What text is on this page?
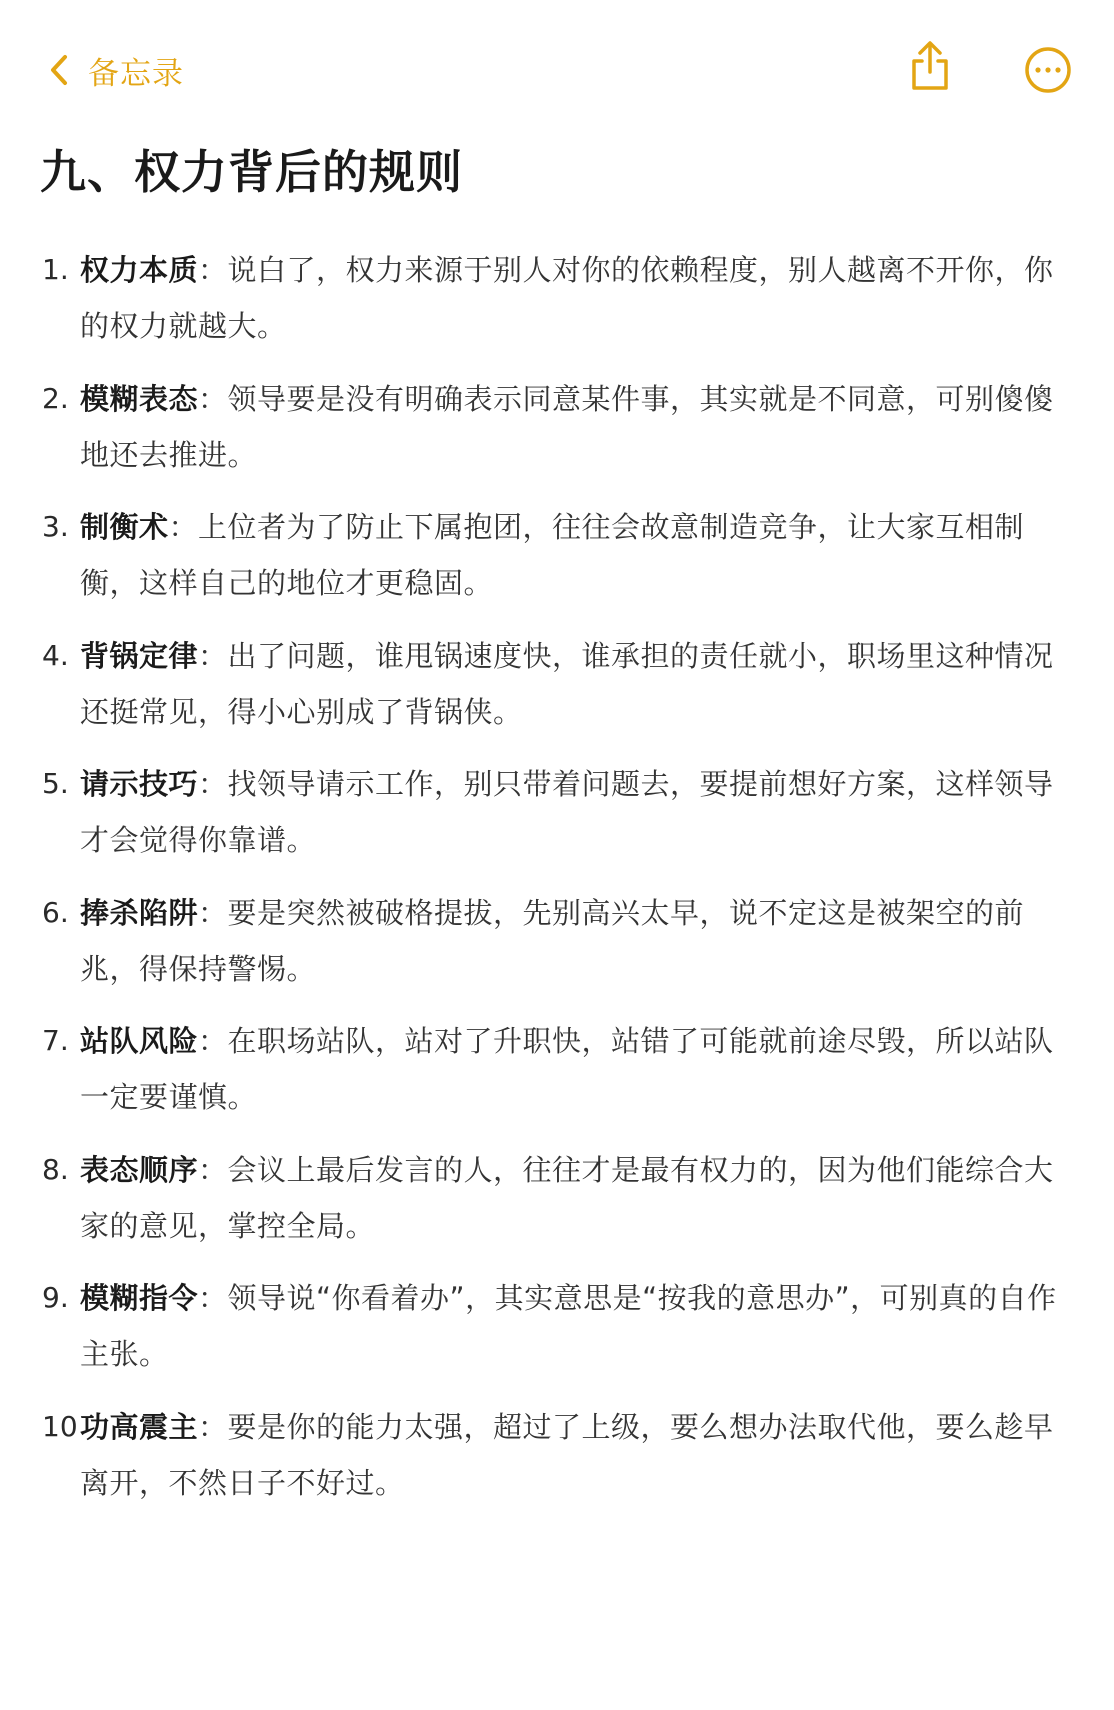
备忘录
九、权力背后的规则
1. 权力本质：说白了，权力来源于别人对你的依赖程度，别人越离不开你，你的权力就越大。
2. 模糊表态：领导要是没有明确表示同意某件事，其实就是不同意，可别傻傻地还去推进。
3. 制衡术：上位者为了防止下属抱团，往往会故意制造竞争，让大家互相制衡，这样自己的地位才更稳固。
4. 背锅定律：出了问题，谁甩锅速度快，谁承担的责任就小，职场里这种情况还挺常见，得小心别成了背锅侠。
5. 请示技巧：找领导请示工作，别只带着问题去，要提前想好方案，这样领导才会觉得你靠谱。
6. 捧杀陷阱：要是突然被破格提拔，先别高兴太早，说不定这是被架空的前兆，得保持警惕。
7. 站队风险：在职场站队，站对了升职快，站错了可能就前途尽毁，所以站队一定要谨慎。
8. 表态顺序：会议上最后发言的人，往往才是最有权力的，因为他们能综合大家的意见，掌控全局。
9. 模糊指令：领导说“你看着办”，其实意思是“按我的意思办”，可别真的自作主张。
10 功高震主：要是你的能力太强，超过了上级，要么想办法取代他，要么趁早离开，不然日子不好过。
